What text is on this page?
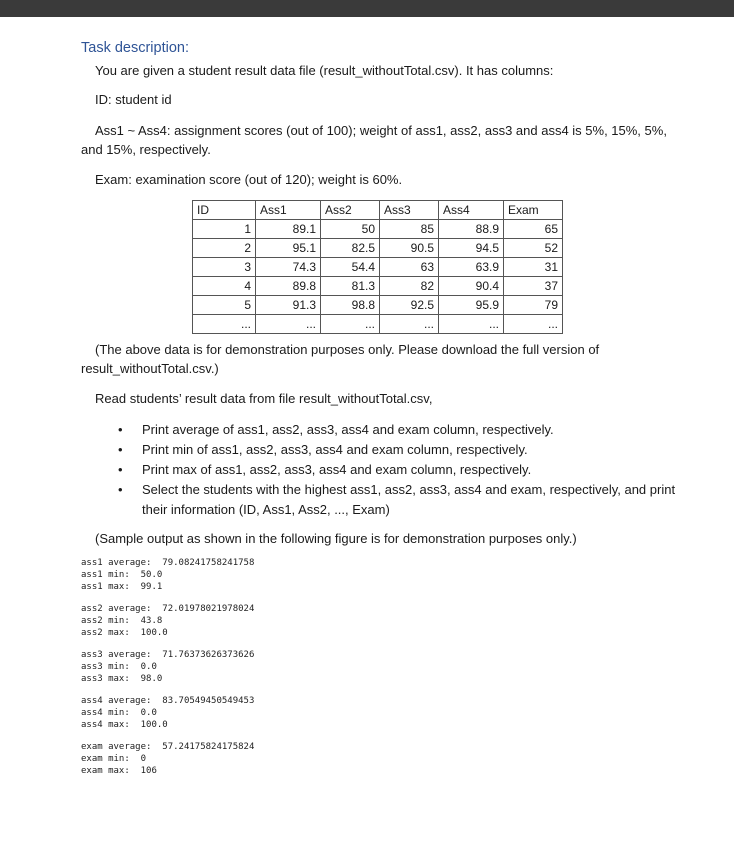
Task description:
You are given a student result data file (result_withoutTotal.csv). It has columns:
ID: student id
Ass1 ~ Ass4: assignment scores (out of 100); weight of ass1, ass2, ass3 and ass4 is 5%, 15%, 5%,
and 15%, respectively.
Exam: examination score (out of 120); weight is 60%.
ID	Ass1	Ass2	Ass3	Ass4	Exam
1	89.1	50	85	88.9	65
2	95.1	82.5	90.5	94.5	52
3	74.3	54.4	63	63.9	31
4	89.8	81.3	82	90.4	37
5	91.3	98.8	92.5	95.9	79
...	...	...	...	...	...
(The above data is for demonstration purposes only. Please download the full version of
result_withoutTotal.csv.)
Read students’ result data from file result_withoutTotal.csv,
• Print average of ass1, ass2, ass3, ass4 and exam column, respectively.
• Print min of ass1, ass2, ass3, ass4 and exam column, respectively.
• Print max of ass1, ass2, ass3, ass4 and exam column, respectively.
• Select the students with the highest ass1, ass2, ass3, ass4 and exam, respectively, and print their information (ID, Ass1, Ass2, ..., Exam)
(Sample output as shown in the following figure is for demonstration purposes only.)
ass1 average:  79.08241758241758
ass1 min:  50.0
ass1 max:  99.1
ass2 average:  72.01978021978024
ass2 min:  43.8
ass2 max:  100.0
ass3 average:  71.76373626373626
ass3 min:  0.0
ass3 max:  98.0
ass4 average:  83.70549450549453
ass4 min:  0.0
ass4 max:  100.0
exam average:  57.24175824175824
exam min:  0
exam max:  106
